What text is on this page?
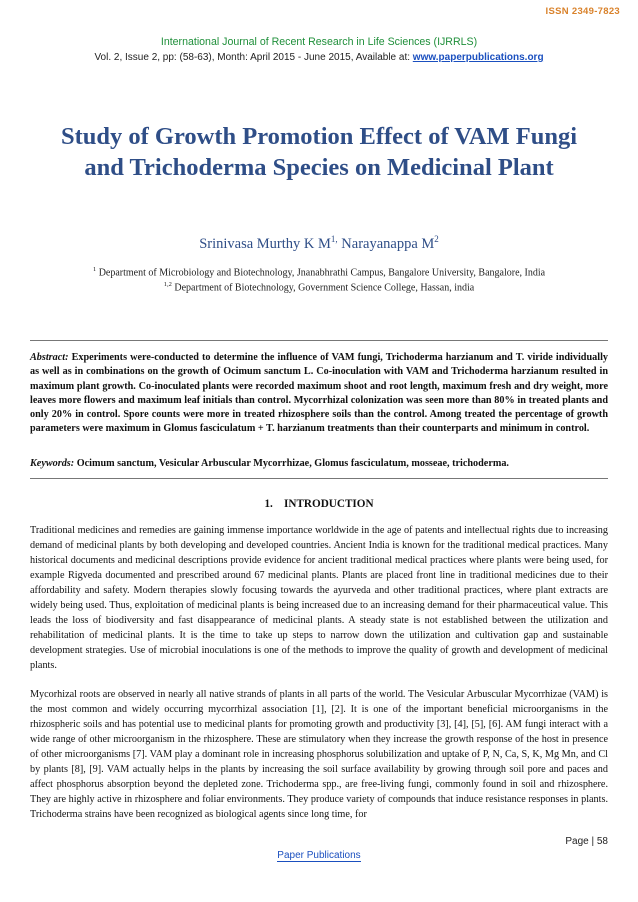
ISSN 2349-7823
International Journal of Recent Research in Life Sciences (IJRRLS)
Vol. 2, Issue 2, pp: (58-63), Month: April 2015 - June 2015, Available at: www.paperpublications.org
Study of Growth Promotion Effect of VAM Fungi and Trichoderma Species on Medicinal Plant
Srinivasa Murthy K $M^{1,}$ Narayanappa $M^2$
$^1$ Department of Microbiology and Biotechnology, Jnanabhrathi Campus, Bangalore University, Bangalore, India
$^{1,2}$ Department of Biotechnology, Government Science College, Hassan, india
Abstract: Experiments were-conducted to determine the influence of VAM fungi, Trichoderma harzianum and T. viride individually as well as in combinations on the growth of Ocimum sanctum L. Co-inoculation with VAM and Trichoderma harzianum resulted in maximum plant growth. Co-inoculated plants were recorded maximum shoot and root length, maximum fresh and dry weight, more leaves more flowers and maximum leaf initials than control. Mycorrhizal colonization was seen more than 80% in treated plants and only 20% in control. Spore counts were more in treated rhizosphere soils than the control. Among treated the percentage of growth parameters were maximum in Glomus fasciculatum + T. harzianum treatments than their counterparts and minimum in control.
Keywords: Ocimum sanctum, Vesicular Arbuscular Mycorrhizae, Glomus fasciculatum, mosseae, trichoderma.
1. INTRODUCTION
Traditional medicines and remedies are gaining immense importance worldwide in the age of patents and intellectual rights due to increasing demand of medicinal plants by both developing and developed countries. Ancient India is known for the traditional medical practices. Many historical documents and medicinal descriptions provide evidence for ancient traditional medical practices where plants were being used, for example Rigveda documented and prescribed around 67 medicinal plants. Plants are placed front line in traditional medicines due to their affordability and safety. Modern therapies slowly focusing towards the ayurveda and other traditional practices, where plant extracts are widely being used. Thus, exploitation of medicinal plants is being increased due to an increasing demand for their pharmaceutical value. This leads the loss of biodiversity and fast disappearance of medicinal plants. A steady state is not established between the utilization and rehabilitation of medicinal plants. It is the time to take up steps to narrow down the utilization and cultivation gap and sustainable development strategies. Use of microbial inoculations is one of the methods to improve the quality of growth and development of medicinal plants.
Mycorhizal roots are observed in nearly all native strands of plants in all parts of the world. The Vesicular Arbuscular Mycorrhizae (VAM) is the most common and widely occurring mycorrhizal association [1], [2]. It is one of the important beneficial microorganisms in the rhizospheric soils and has potential use to medicinal plants for promoting growth and productivity [3], [4], [5], [6]. AM fungi interact with a wide range of other microorganism in the rhizosphere. These are stimulatory when they increase the growth response of the host in presence of other microorganisms [7]. VAM play a dominant role in increasing phosphorus solubilization and uptake of P, N, Ca, S, K, Mg Mn, and Cl by plants [8], [9]. VAM actually helps in the plants by increasing the soil surface availability by growing through soil pore and paces and affect phosphorus absorption beyond the depleted zone. Trichoderma spp., are free-living fungi, commonly found in soil and rhizosphere. They are highly active in rhizosphere and foliar environments. They produce variety of compounds that induce resistance responses in plants. Trichoderma strains have been recognized as biological agents since long time, for
Page | 58
Paper Publications
